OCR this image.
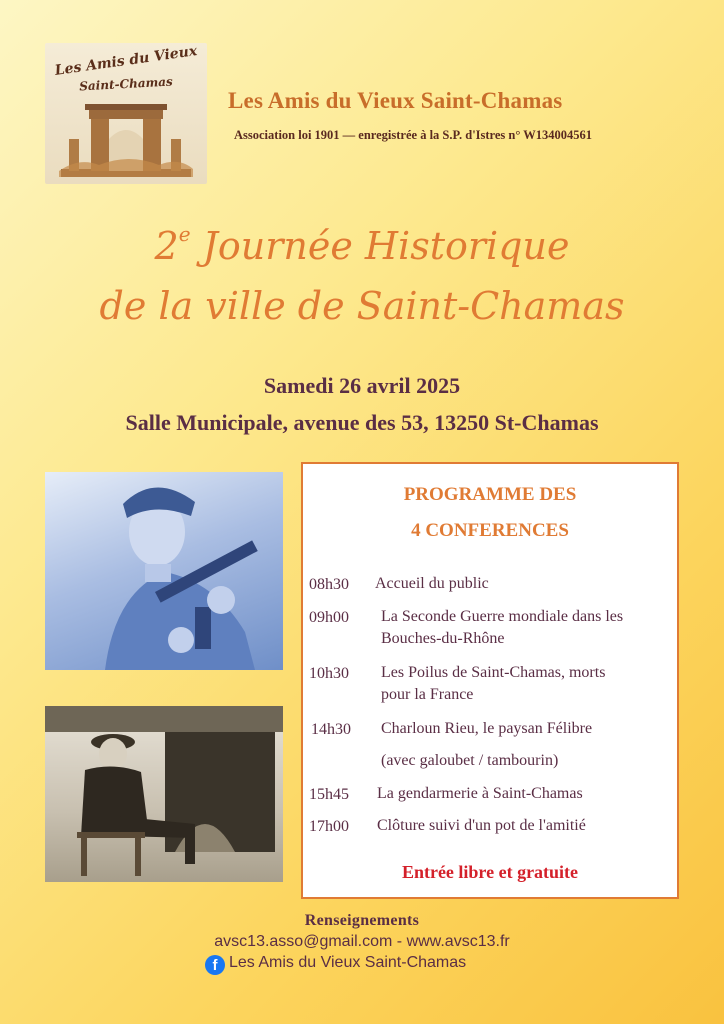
Les Amis du Vieux
Saint-Chamas
Les Amis du Vieux Saint-Chamas
Association loi 1901 — enregistrée à la S.P. d'Istres n° W134004561
2e Journée Historique
de la ville de Saint-Chamas
Samedi 26 avril 2025
Salle Municipale, avenue des 53, 13250 St-Chamas
PROGRAMME DES
4 CONFERENCES
08h30 Accueil du public
09h00 La Seconde Guerre mondiale dans les
Bouches-du-Rhône
10h30 Les Poilus de Saint-Chamas, morts
pour la France
14h30 Charloun Rieu, le paysan Félibre
(avec galoubet / tambourin)
15h45 La gendarmerie à Saint-Chamas
17h00 Clôture suivi d'un pot de l'amitié
Entrée libre et gratuite
Renseignements
avsc13.asso@gmail.com - www.avsc13.fr
f Les Amis du Vieux Saint-Chamas
